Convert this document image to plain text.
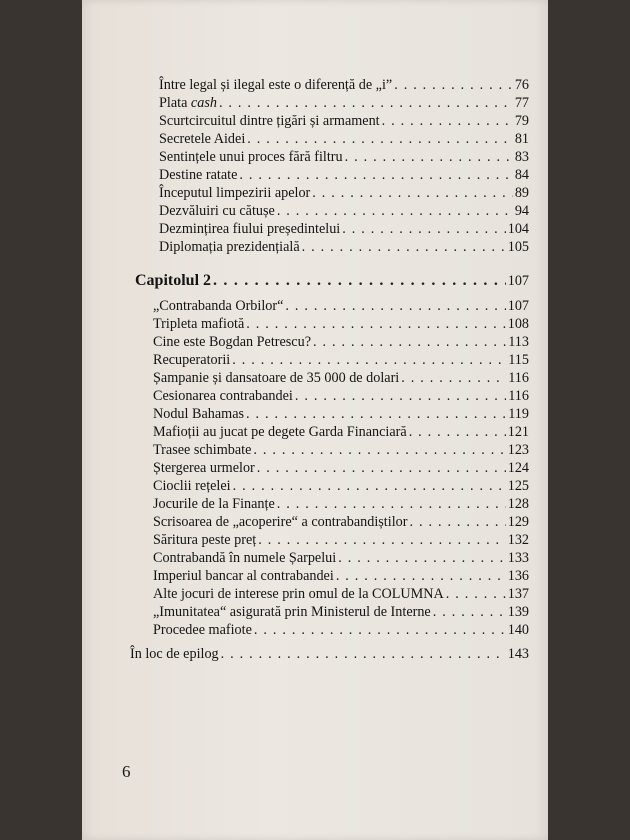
Între legal și ilegal este o diferență de „i” . . .	76
Plata cash . . .	77
Scurtcircuitul dintre țigări și armament . . .	79
Secretele Aidei . . .	81
Sentințele unui proces fără filtru . . .	83
Destine ratate . . .	84
Începutul limpezirii apelor . . .	89
Dezvăluiri cu cătușe . . .	94
Dezmințirea fiului președintelui . . .	104
Diplomația prezidențială . . .	105
Capitolul 2 . . .	107
„Contrabanda Orbilor“ . . .	107
Tripleta mafiotă . . .	108
Cine este Bogdan Petrescu? . . .	113
Recuperatorii . . .	115
Șampanie și dansatoare de 35 000 de dolari . . .	116
Cesionarea contrabandei . . .	116
Nodul Bahamas . . .	119
Mafioții au jucat pe degete Garda Financiară . . .	121
Trasee schimbate . . .	123
Ștergerea urmelor . . .	124
Cioclii rețelei . . .	125
Jocurile de la Finanțe . . .	128
Scrisoarea de „acoperire“ a contrabandiștilor . . .	129
Săritura peste preț . . .	132
Contrabandă în numele Șarpelui . . .	133
Imperiul bancar al contrabandei . . .	136
Alte jocuri de interese prin omul de la COLUMNA . . .	137
„Imunitatea“ asigurată prin Ministerul de Interne . . .	139
Procedee mafiote . . .	140
În loc de epilog . . .	143
6
